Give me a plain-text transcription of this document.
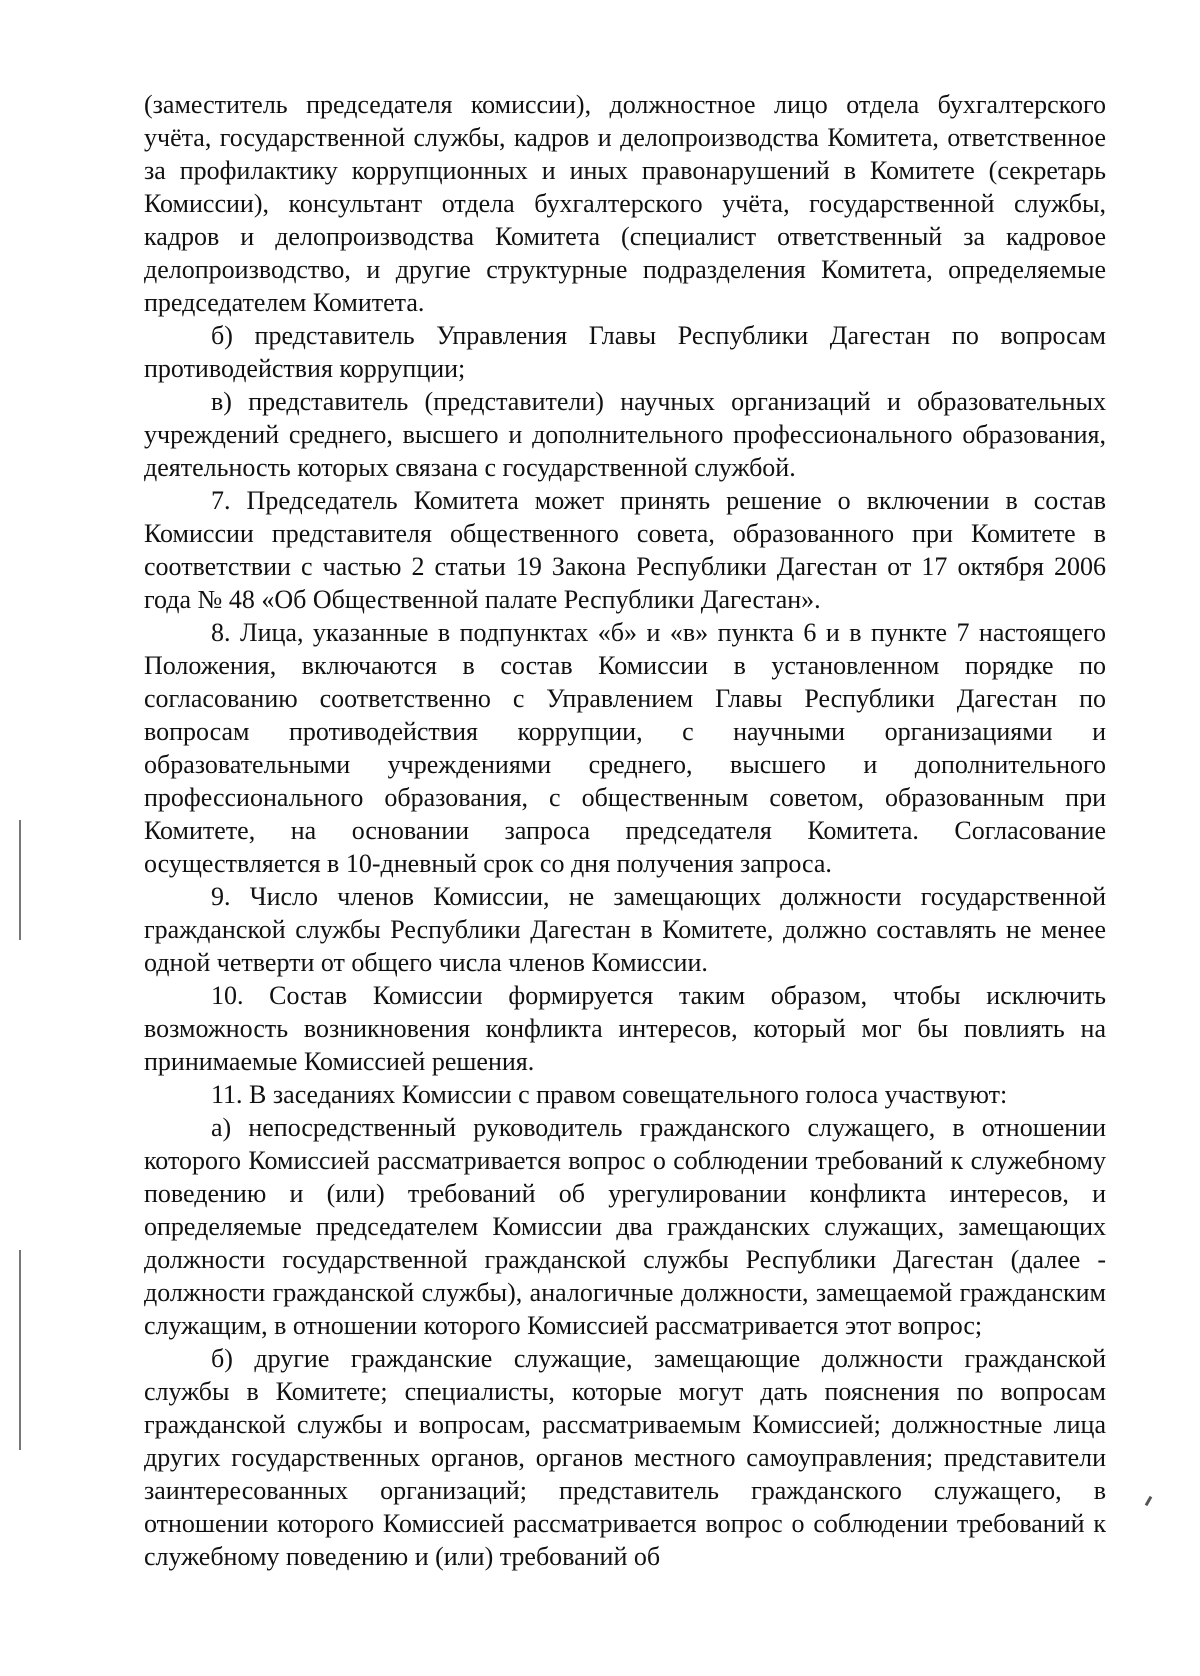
(заместитель председателя комиссии), должностное лицо отдела бухгалтерского учёта, государственной службы, кадров и делопроизводства Комитета, ответственное за профилактику коррупционных и иных правонарушений в Комитете (секретарь Комиссии), консультант отдела бухгалтерского учёта, государственной службы, кадров и делопроизводства Комитета (специалист ответственный за кадровое делопроизводство, и другие структурные подразделения Комитета, определяемые председателем Комитета.

б) представитель Управления Главы Республики Дагестан по вопросам противодействия коррупции;

в) представитель (представители) научных организаций и образовательных учреждений среднего, высшего и дополнительного профессионального образования, деятельность которых связана с государственной службой.

7. Председатель Комитета может принять решение о включении в состав Комиссии представителя общественного совета, образованного при Комитете в соответствии с частью 2 статьи 19 Закона Республики Дагестан от 17 октября 2006 года № 48 «Об Общественной палате Республики Дагестан».

8. Лица, указанные в подпунктах «б» и «в» пункта 6 и в пункте 7 настоящего Положения, включаются в состав Комиссии в установленном порядке по согласованию соответственно с Управлением Главы Республики Дагестан по вопросам противодействия коррупции, с научными организациями и образовательными учреждениями среднего, высшего и дополнительного профессионального образования, с общественным советом, образованным при Комитете, на основании запроса председателя Комитета. Согласование осуществляется в 10-дневный срок со дня получения запроса.

9. Число членов Комиссии, не замещающих должности государственной гражданской службы Республики Дагестан в Комитете, должно составлять не менее одной четверти от общего числа членов Комиссии.

10. Состав Комиссии формируется таким образом, чтобы исключить возможность возникновения конфликта интересов, который мог бы повлиять на принимаемые Комиссией решения.

11. В заседаниях Комиссии с правом совещательного голоса участвуют:

а) непосредственный руководитель гражданского служащего, в отношении которого Комиссией рассматривается вопрос о соблюдении требований к служебному поведению и (или) требований об урегулировании конфликта интересов, и определяемые председателем Комиссии два гражданских служащих, замещающих должности государственной гражданской службы Республики Дагестан (далее - должности гражданской службы), аналогичные должности, замещаемой гражданским служащим, в отношении которого Комиссией рассматривается этот вопрос;

б) другие гражданские служащие, замещающие должности гражданской службы в Комитете; специалисты, которые могут дать пояснения по вопросам гражданской службы и вопросам, рассматриваемым Комиссией; должностные лица других государственных органов, органов местного самоуправления; представители заинтересованных организаций; представитель гражданского служащего, в отношении которого Комиссией рассматривается вопрос о соблюдении требований к служебному поведению и (или) требований об
